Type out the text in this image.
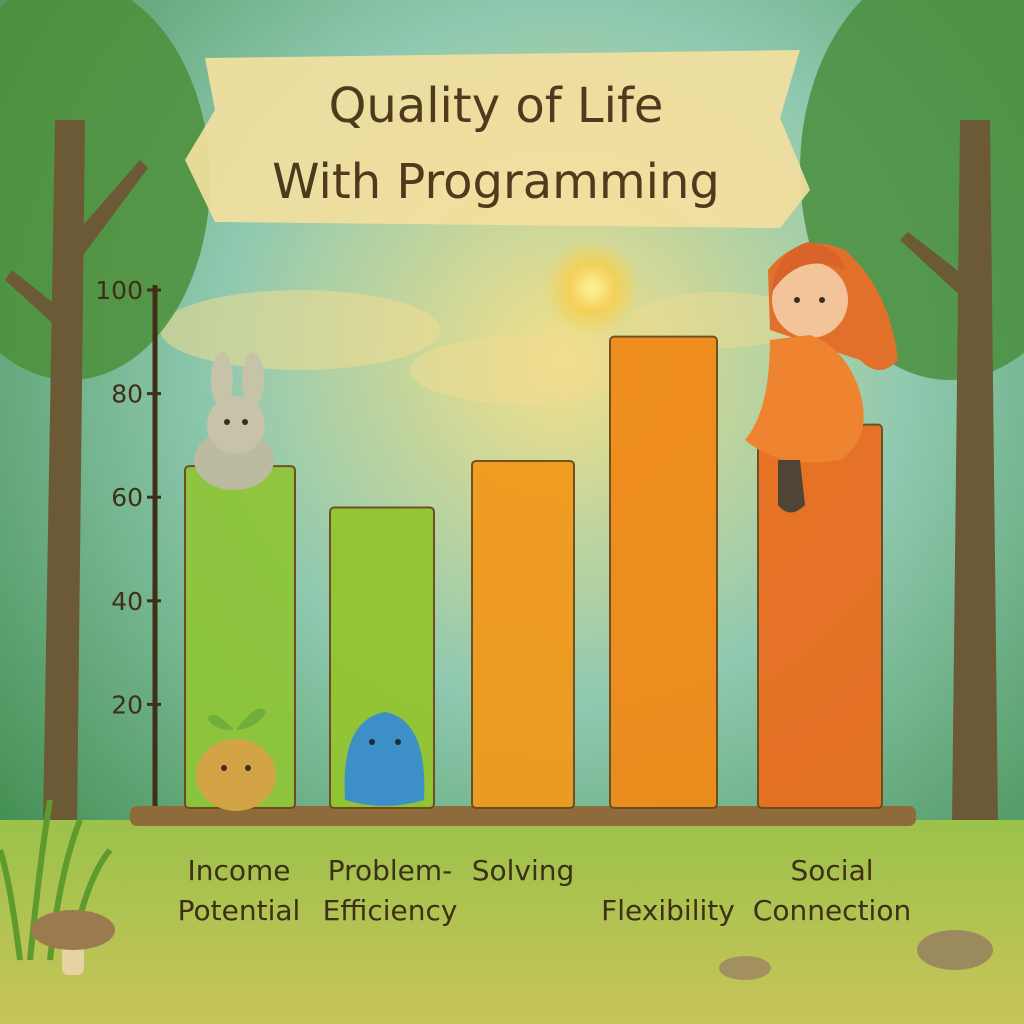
Quality of Life
With Programming
20
40
60
80
100
Income
Potential
Problem-
Efficiency
Solving
Flexibility
Social
Connection
